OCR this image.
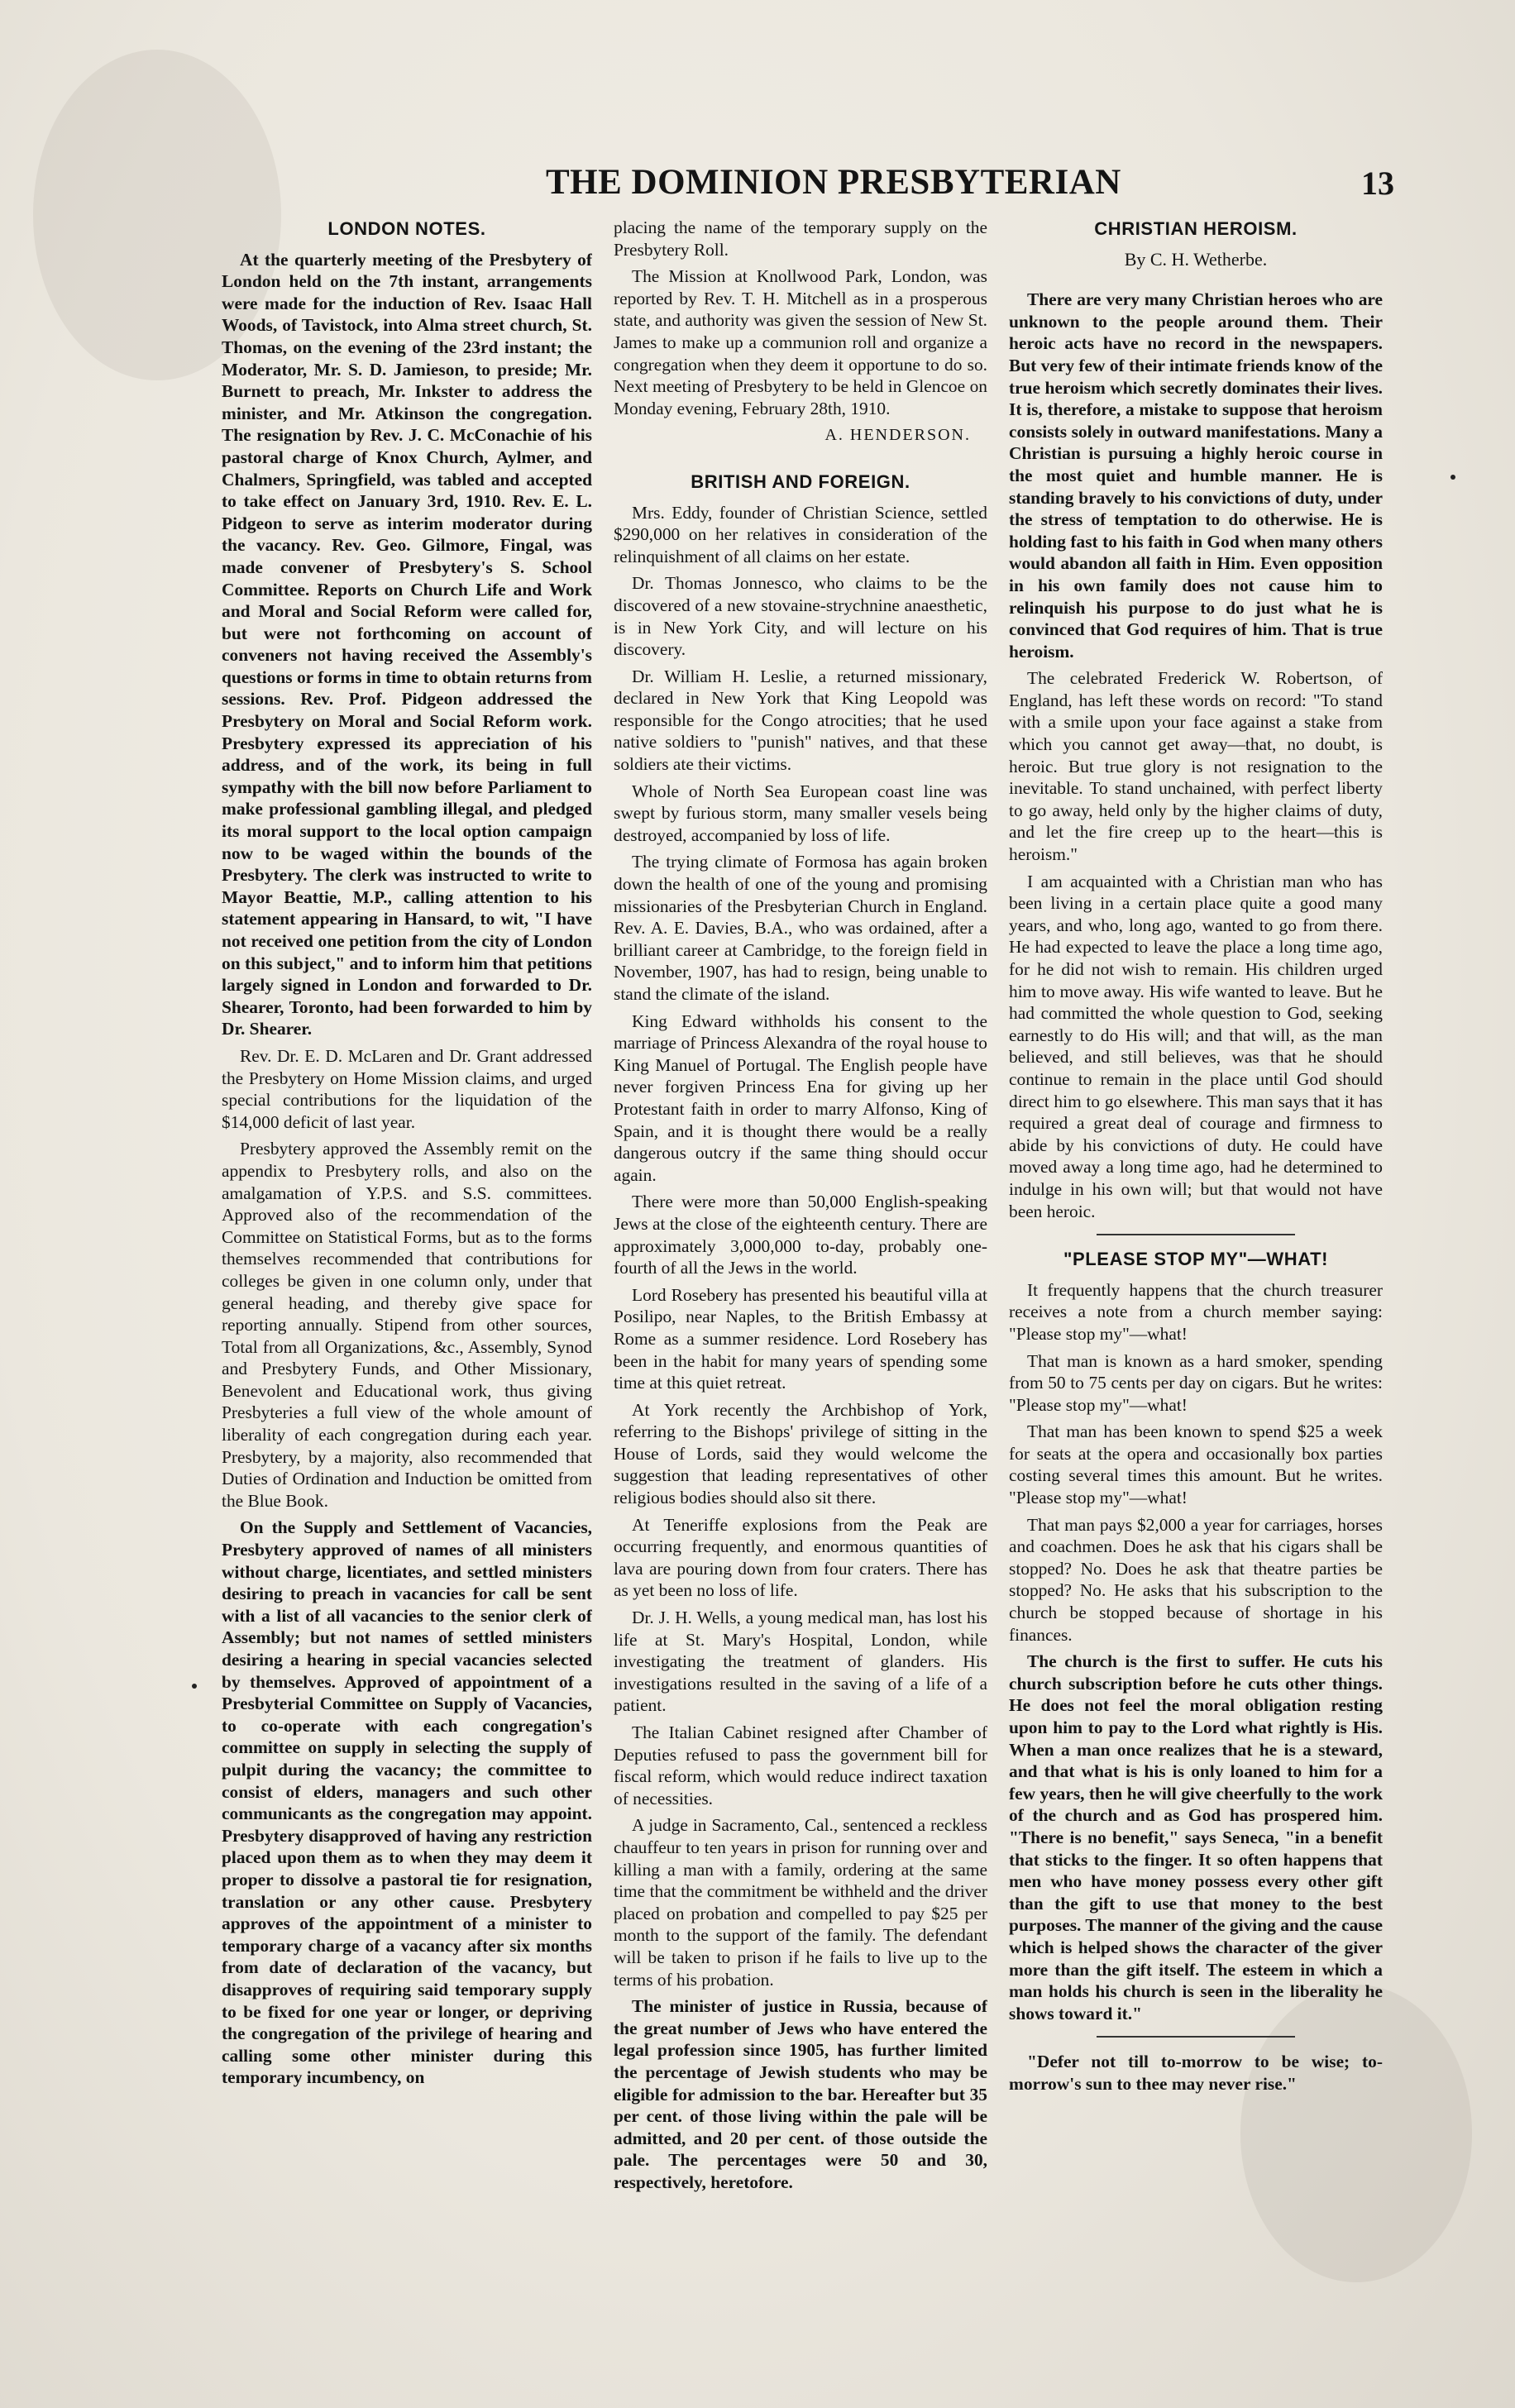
THE DOMINION PRESBYTERIAN	13
LONDON NOTES.

At the quarterly meeting of the Presbytery of London held on the 7th instant, arrangements were made for the induction of Rev. Isaac Hall Woods, of Tavistock, into Alma street church, St. Thomas, on the evening of the 23rd instant; the Moderator, Mr. S. D. Jamieson, to preside; Mr. Burnett to preach, Mr. Inkster to address the minister, and Mr. Atkinson the congregation. The resignation by Rev. J. C. McConachie of his pastoral charge of Knox Church, Aylmer, and Chalmers, Springfield, was tabled and accepted to take effect on January 3rd, 1910. Rev. E. L. Pidgeon to serve as interim moderator during the vacancy. Rev. Geo. Gilmore, Fingal, was made convener of Presbytery's S. School Committee. Reports on Church Life and Work and Moral and Social Reform were called for, but were not forthcoming on account of conveners not having received the Assembly's questions or forms in time to obtain returns from sessions. Rev. Prof. Pidgeon addressed the Presbytery on Moral and Social Reform work. Presbytery expressed its appreciation of his address, and of the work, its being in full sympathy with the bill now before Parliament to make professional gambling illegal, and pledged its moral support to the local option campaign now to be waged within the bounds of the Presbytery. The clerk was instructed to write to Mayor Beattie, M.P., calling attention to his statement appearing in Hansard, to wit, "I have not received one petition from the city of London on this subject," and to inform him that petitions largely signed in London and forwarded to Dr. Shearer, Toronto, had been forwarded to him by Dr. Shearer.

Rev. Dr. E. D. McLaren and Dr. Grant addressed the Presbytery on Home Mission claims, and urged special contributions for the liquidation of the $14,000 deficit of last year.

Presbytery approved the Assembly remit on the appendix to Presbytery rolls, and also on the amalgamation of Y.P.S. and S.S. committees. Approved also of the recommendation of the Committee on Statistical Forms, but as to the forms themselves recommended that contributions for colleges be given in one column only, under that general heading, and thereby give space for reporting annually. Stipend from other sources, Total from all Organizations, &c., Assembly, Synod and Presbytery Funds, and Other Missionary, Benevolent and Educational work, thus giving Presbyteries a full view of the whole amount of liberality of each congregation during each year. Presbytery, by a majority, also recommended that Duties of Ordination and Induction be omitted from the Blue Book.

On the Supply and Settlement of Vacancies, Presbytery approved of names of all ministers without charge, licentiates, and settled ministers desiring to preach in vacancies for call be sent with a list of all vacancies to the senior clerk of Assembly; but not names of settled ministers desiring a hearing in special vacancies selected by themselves. Approved of appointment of a Presbyterial Committee on Supply of Vacancies, to co-operate with each congregation's committee on supply in selecting the supply of pulpit during the vacancy; the committee to consist of elders, managers and such other communicants as the congregation may appoint. Presbytery disapproved of having any restriction placed upon them as to when they may deem it proper to dissolve a pastoral tie for resignation, translation or any other cause. Presbytery approves of the appointment of a minister to temporary charge of a vacancy after six months from date of declaration of the vacancy, but disapproves of requiring said temporary supply to be fixed for one year or longer, or depriving the congregation of the privilege of hearing and calling some other minister during this temporary incumbency, on

placing the name of the temporary supply on the Presbytery Roll.

The Mission at Knollwood Park, London, was reported by Rev. T. H. Mitchell as in a prosperous state, and authority was given the session of New St. James to make up a communion roll and organize a congregation when they deem it opportune to do so. Next meeting of Presbytery to be held in Glencoe on Monday evening, February 28th, 1910.

A. HENDERSON.
BRITISH AND FOREIGN.

Mrs. Eddy, founder of Christian Science, settled $290,000 on her relatives in consideration of the relinquishment of all claims on her estate.

Dr. Thomas Jonnesco, who claims to be the discovered of a new stovaine-strychnine anaesthetic, is in New York City, and will lecture on his discovery.

Dr. William H. Leslie, a returned missionary, declared in New York that King Leopold was responsible for the Congo atrocities; that he used native soldiers to "punish" natives, and that these soldiers ate their victims.

Whole of North Sea European coast line was swept by furious storm, many smaller vesels being destroyed, accompanied by loss of life.

The trying climate of Formosa has again broken down the health of one of the young and promising missionaries of the Presbyterian Church in England. Rev. A. E. Davies, B.A., who was ordained, after a brilliant career at Cambridge, to the foreign field in November, 1907, has had to resign, being unable to stand the climate of the island.

King Edward withholds his consent to the marriage of Princess Alexandra of the royal house to King Manuel of Portugal. The English people have never forgiven Princess Ena for giving up her Protestant faith in order to marry Alfonso, King of Spain, and it is thought there would be a really dangerous outcry if the same thing should occur again.

There were more than 50,000 English-speaking Jews at the close of the eighteenth century. There are approximately 3,000,000 to-day, probably one-fourth of all the Jews in the world.

Lord Rosebery has presented his beautiful villa at Posilipo, near Naples, to the British Embassy at Rome as a summer residence. Lord Rosebery has been in the habit for many years of spending some time at this quiet retreat.

At York recently the Archbishop of York, referring to the Bishops' privilege of sitting in the House of Lords, said they would welcome the suggestion that leading representatives of other religious bodies should also sit there.

At Teneriffe explosions from the Peak are occurring frequently, and enormous quantities of lava are pouring down from four craters. There has as yet been no loss of life.

Dr. J. H. Wells, a young medical man, has lost his life at St. Mary's Hospital, London, while investigating the treatment of glanders. His investigations resulted in the saving of a life of a patient.

The Italian Cabinet resigned after Chamber of Deputies refused to pass the government bill for fiscal reform, which would reduce indirect taxation of necessities.

A judge in Sacramento, Cal., sentenced a reckless chauffeur to ten years in prison for running over and killing a man with a family, ordering at the same time that the commitment be withheld and the driver placed on probation and compelled to pay $25 per month to the support of the family. The defendant will be taken to prison if he fails to live up to the terms of his probation.

The minister of justice in Russia, because of the great number of Jews who have entered the legal profession since 1905, has further limited the percentage of Jewish students who may be eligible for admission to the bar. Hereafter but 35 per cent. of those living within the pale will be admitted, and 20 per cent. of those outside the pale. The percentages were 50 and 30, respectively, heretofore.

CHRISTIAN HEROISM.
By C. H. Wetherbe.

There are very many Christian heroes who are unknown to the people around them. Their heroic acts have no record in the newspapers. But very few of their intimate friends know of the true heroism which secretly dominates their lives. It is, therefore, a mistake to suppose that heroism consists solely in outward manifestations. Many a Christian is pursuing a highly heroic course in the most quiet and humble manner. He is standing bravely to his convictions of duty, under the stress of temptation to do otherwise. He is holding fast to his faith in God when many others would abandon all faith in Him. Even opposition in his own family does not cause him to relinquish his purpose to do just what he is convinced that God requires of him. That is true heroism.

The celebrated Frederick W. Robertson, of England, has left these words on record: "To stand with a smile upon your face against a stake from which you cannot get away—that, no doubt, is heroic. But true glory is not resignation to the inevitable. To stand unchained, with perfect liberty to go away, held only by the higher claims of duty, and let the fire creep up to the heart—this is heroism."

I am acquainted with a Christian man who has been living in a certain place quite a good many years, and who, long ago, wanted to go from there. He had expected to leave the place a long time ago, for he did not wish to remain. His children urged him to move away. His wife wanted to leave. But he had committed the whole question to God, seeking earnestly to do His will; and that will, as the man believed, and still believes, was that he should continue to remain in the place until God should direct him to go elsewhere. This man says that it has required a great deal of courage and firmness to abide by his convictions of duty. He could have moved away a long time ago, had he determined to indulge in his own will; but that would not have been heroic.

"PLEASE STOP MY"—WHAT!

It frequently happens that the church treasurer receives a note from a church member saying: "Please stop my"—what!

That man is known as a hard smoker, spending from 50 to 75 cents per day on cigars. But he writes: "Please stop my"—what!

That man has been known to spend $25 a week for seats at the opera and occasionally box parties costing several times this amount. But he writes. "Please stop my"—what!

That man pays $2,000 a year for carriages, horses and coachmen. Does he ask that his cigars shall be stopped? No. Does he ask that theatre parties be stopped? No. He asks that his subscription to the church be stopped because of shortage in his finances.

The church is the first to suffer. He cuts his church subscription before he cuts other things. He does not feel the moral obligation resting upon him to pay to the Lord what rightly is His. When a man once realizes that he is a steward, and that what is his is only loaned to him for a few years, then he will give cheerfully to the work of the church and as God has prospered him. "There is no benefit," says Seneca, "in a benefit that sticks to the finger. It so often happens that men who have money possess every other gift than the gift to use that money to the best purposes. The manner of the giving and the cause which is helped shows the character of the giver more than the gift itself. The esteem in which a man holds his church is seen in the liberality he shows toward it."

"Defer not till to-morrow to be wise; to-morrow's sun to thee may never rise."
